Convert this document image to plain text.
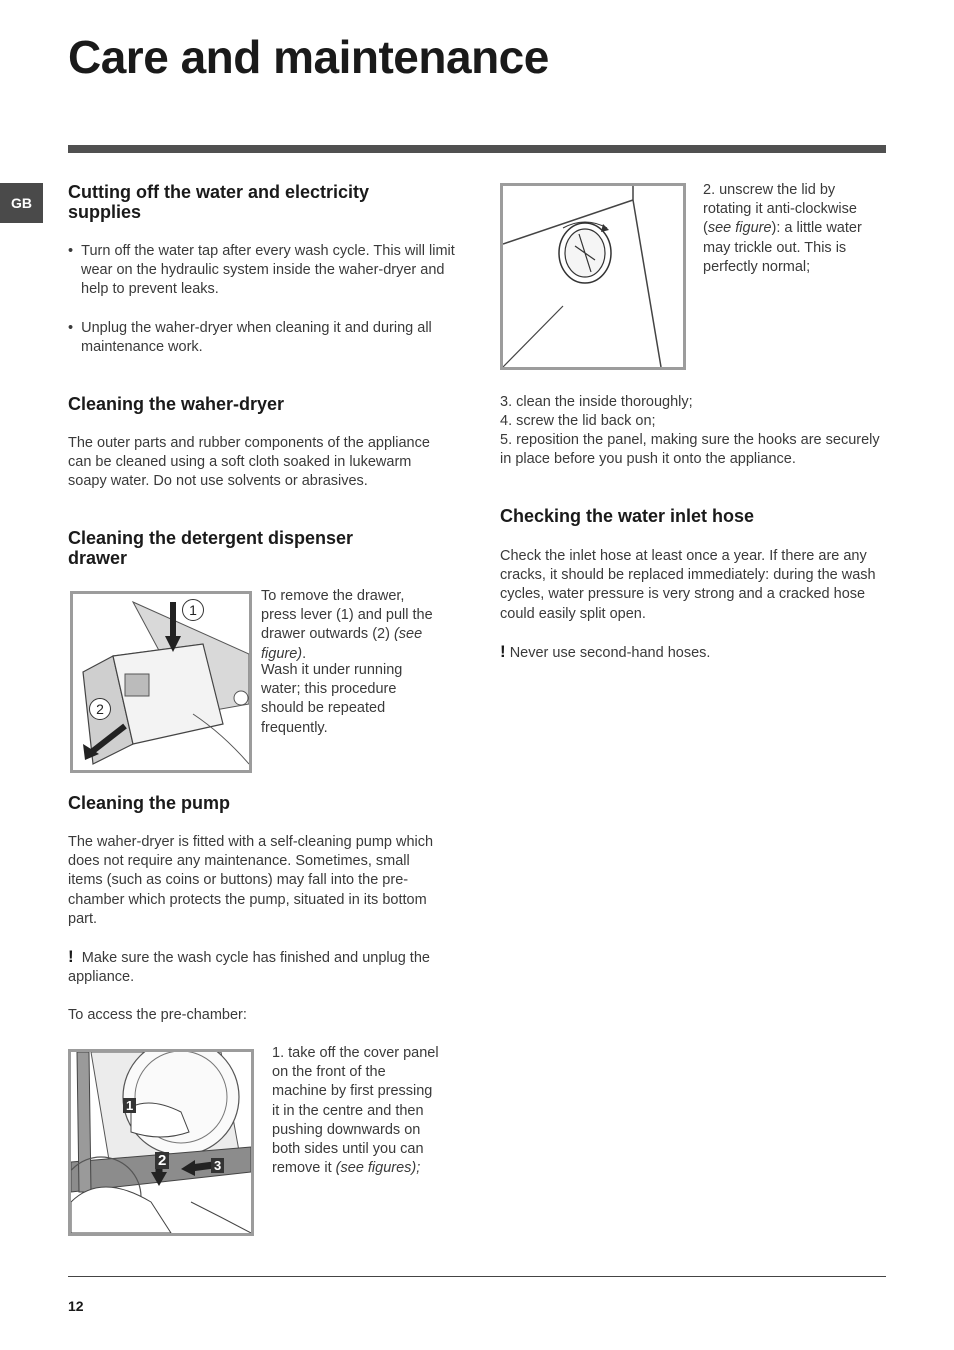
Care and maintenance
GB
Cutting off the water and electricity supplies

•  Turn off the water tap after every wash cycle. This will limit wear on the hydraulic system inside the waher-dryer and help to prevent leaks.

•  Unplug the waher-dryer when cleaning it and during all maintenance work.

Cleaning the waher-dryer

The outer parts and rubber components of the appliance can be cleaned using a soft cloth soaked in lukewarm soapy water. Do not use solvents or abrasives.

Cleaning the detergent dispenser drawer
1
2

To remove the drawer, press lever (1) and pull the drawer outwards (2) (see figure).

Wash it under running water; this procedure should be repeated frequently.

Cleaning the pump

The waher-dryer is fitted with a self-cleaning pump which does not require any maintenance. Sometimes, small items (such as coins or buttons) may fall into the pre-chamber which protects the pump, situated in its bottom part.

! Make sure the wash cycle has finished and unplug the appliance.

To access the pre-chamber:

1
2	3

1. take off the cover panel on the front of the machine by first pressing it in the centre and then pushing downwards on both sides until you can remove it (see figures);

2. unscrew the lid by rotating it anti-clockwise (see figure): a little water may trickle out. This is perfectly normal;

3. clean the inside thoroughly;

4. screw the lid back on;

5. reposition the panel, making sure the hooks are securely in place before you push it onto the appliance.

Checking the water inlet hose

Check the inlet hose at least once a year. If there are any cracks, it should be replaced immediately: during the wash cycles, water pressure is very strong and a cracked hose could easily split open.

! Never use second-hand hoses.

12
